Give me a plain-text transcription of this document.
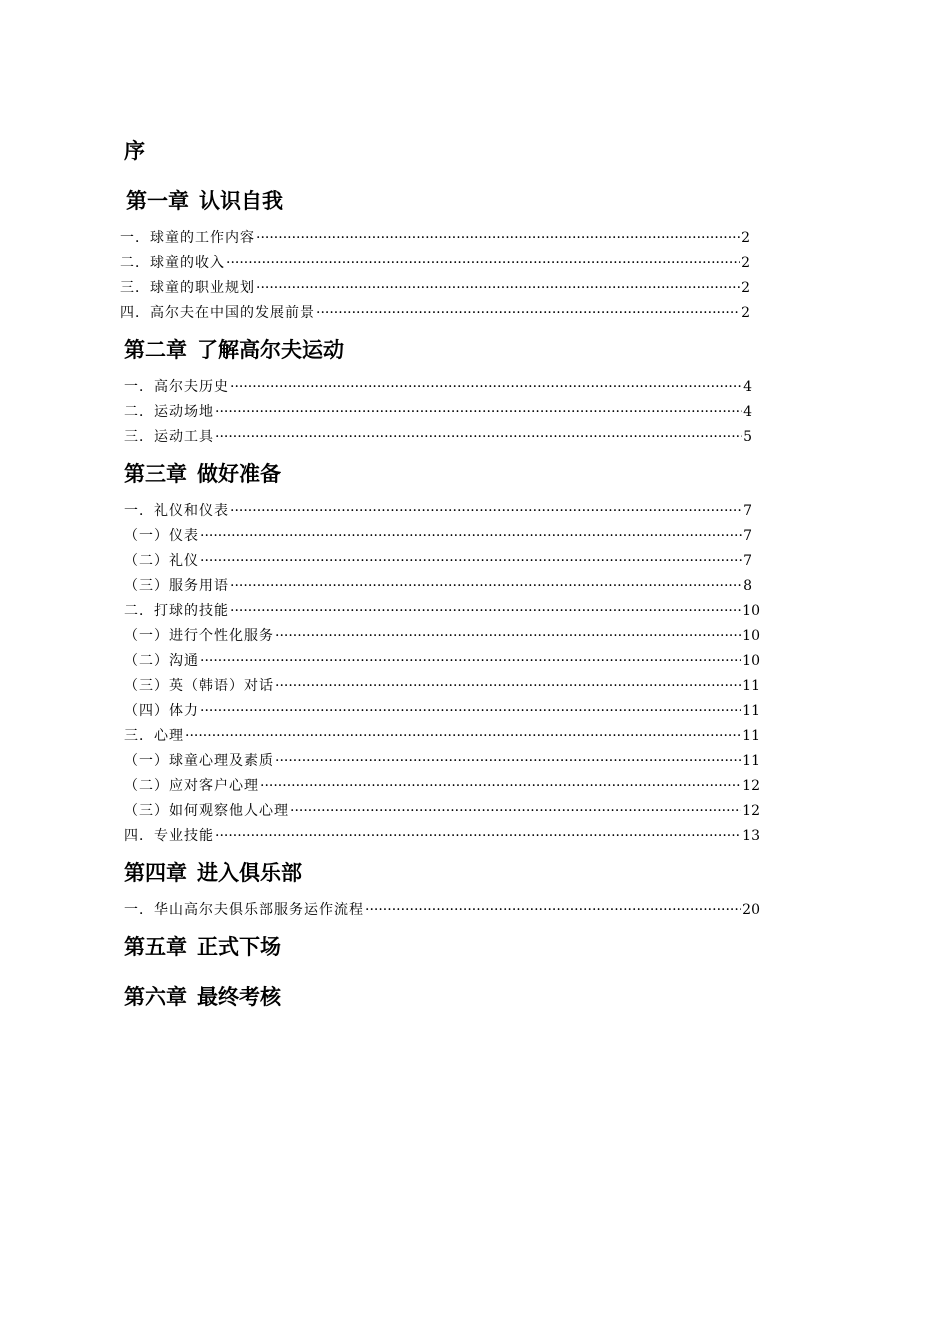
序
第一章 认识自我
一．球童的工作内容 ·····	2
二．球童的收入 ·····	2
三．球童的职业规划 ·····	2
四．高尔夫在中国的发展前景 ·····	2
第二章 了解高尔夫运动
一．高尔夫历史 ·····	4
二．运动场地 ·····	4
三．运动工具 ·····	5
第三章 做好准备
一．礼仪和仪表 ·····	7
（一）仪表 ·····	7
（二）礼仪 ·····	7
（三）服务用语 ·····	8
二．打球的技能 ·····	10
（一）进行个性化服务 ·····	10
（二）沟通 ·····	10
（三）英（韩语）对话 ·····	11
（四）体力 ·····	11
三．心理 ·····	11
（一）球童心理及素质 ·····	11
（二）应对客户心理 ·····	12
（三）如何观察他人心理 ·····	12
四．专业技能 ·····	13
第四章 进入俱乐部
一．华山高尔夫俱乐部服务运作流程 ·····	20
第五章 正式下场
第六章 最终考核
